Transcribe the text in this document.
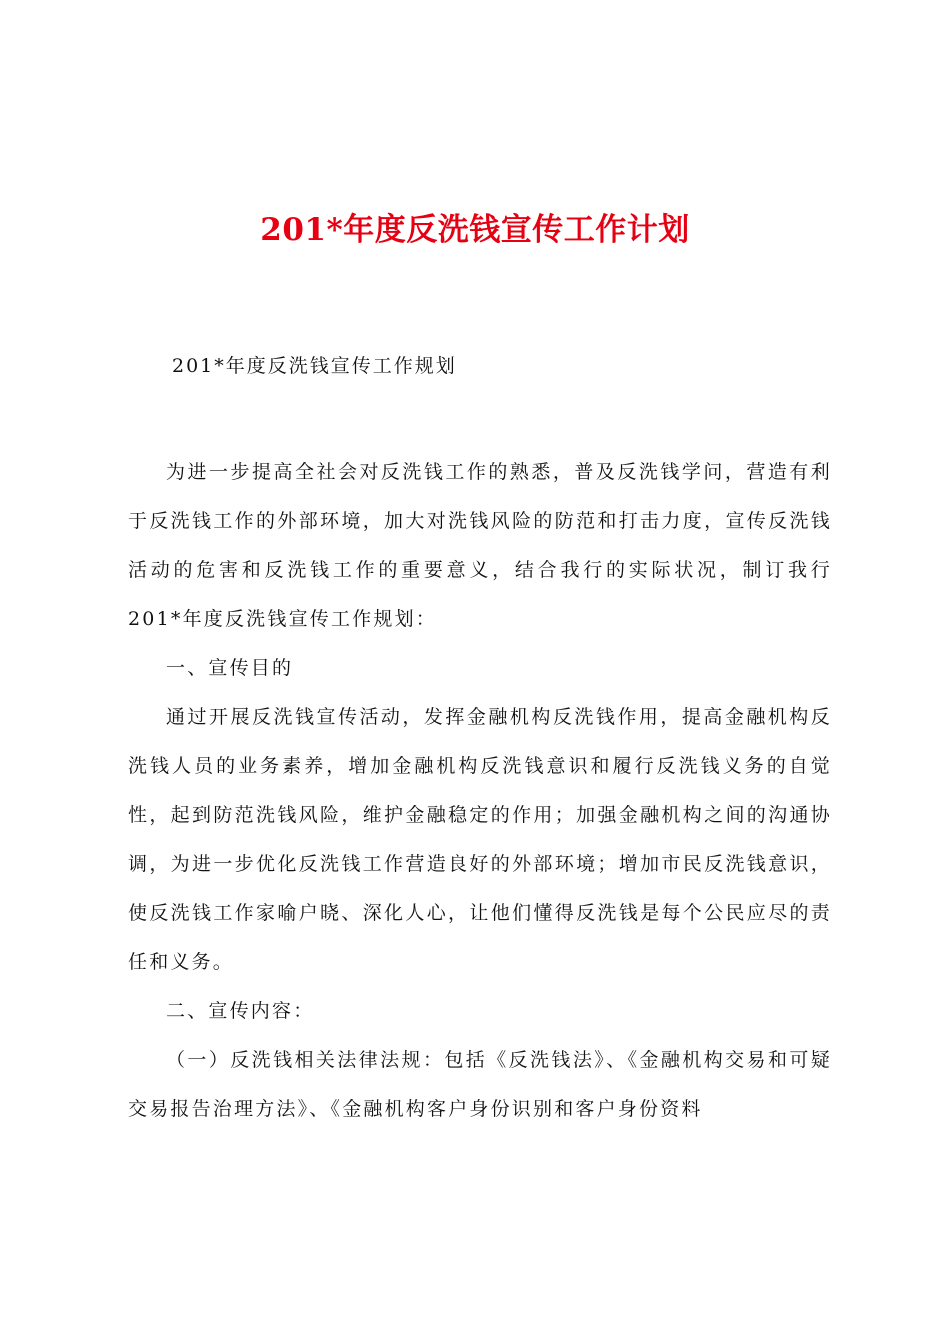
201*年度反洗钱宣传工作计划
201*年度反洗钱宣传工作规划

为进一步提高全社会对反洗钱工作的熟悉，普及反洗钱学问，营造有利于反洗钱工作的外部环境，加大对洗钱风险的防范和打击力度，宣传反洗钱活动的危害和反洗钱工作的重要意义，结合我行的实际状况，制订我行201*年度反洗钱宣传工作规划：

一、宣传目的

通过开展反洗钱宣传活动，发挥金融机构反洗钱作用，提高金融机构反洗钱人员的业务素养，增加金融机构反洗钱意识和履行反洗钱义务的自觉性，起到防范洗钱风险，维护金融稳定的作用；加强金融机构之间的沟通协调，为进一步优化反洗钱工作营造良好的外部环境；增加市民反洗钱意识，使反洗钱工作家喻户晓、深化人心，让他们懂得反洗钱是每个公民应尽的责任和义务。

二、宣传内容：

（一）反洗钱相关法律法规：包括《反洗钱法》、《金融机构交易和可疑交易报告治理方法》、《金融机构客户身份识别和客户身份资料
